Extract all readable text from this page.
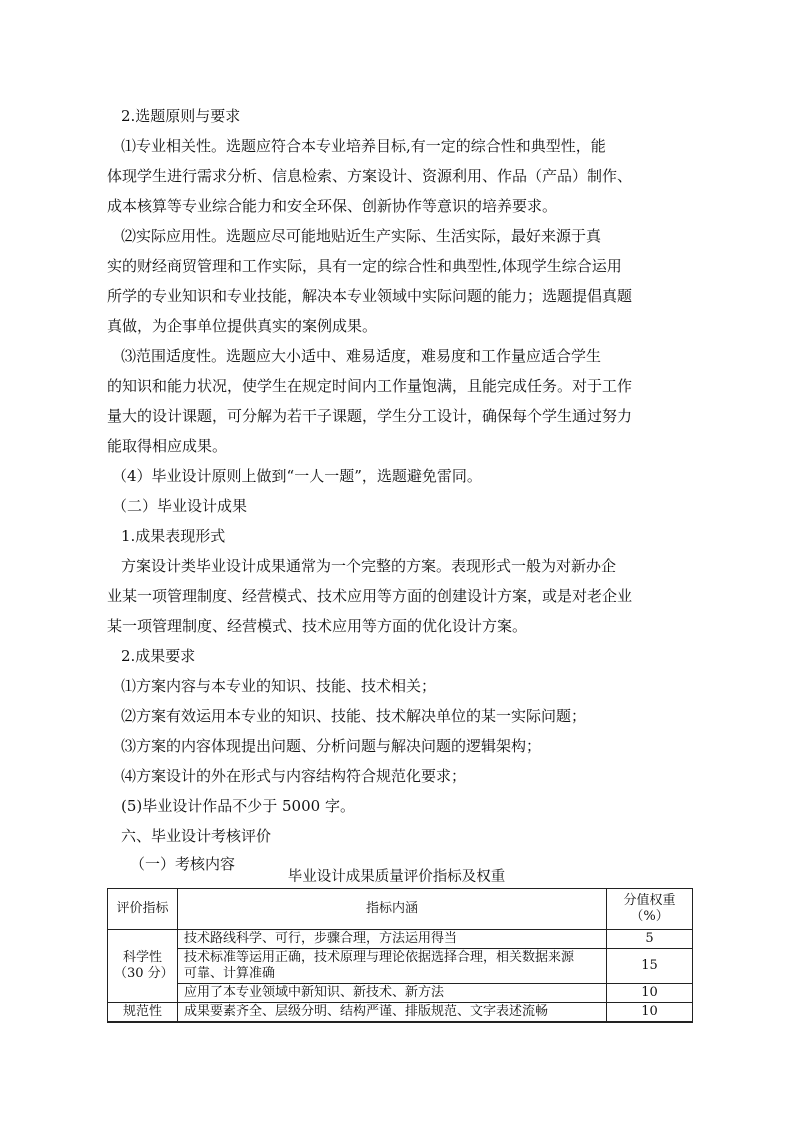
2.选题原则与要求

⑴专业相关性。选题应符合本专业培养目标,有一定的综合性和典型性，能

体现学生进行需求分析、信息检索、方案设计、资源利用、作品（产品）制作、

成本核算等专业综合能力和安全环保、创新协作等意识的培养要求。

⑵实际应用性。选题应尽可能地贴近生产实际、生活实际，最好来源于真

实的财经商贸管理和工作实际，具有一定的综合性和典型性,体现学生综合运用

所学的专业知识和专业技能，解决本专业领域中实际问题的能力；选题提倡真题

真做，为企事单位提供真实的案例成果。

⑶范围适度性。选题应大小适中、难易适度，难易度和工作量应适合学生

的知识和能力状况，使学生在规定时间内工作量饱满，且能完成任务。对于工作

量大的设计课题，可分解为若干子课题，学生分工设计，确保每个学生通过努力

能取得相应成果。

（4）毕业设计原则上做到“一人一题”，选题避免雷同。

（二）毕业设计成果

1.成果表现形式

方案设计类毕业设计成果通常为一个完整的方案。表现形式一般为对新办企

业某一项管理制度、经营模式、技术应用等方面的创建设计方案，或是对老企业

某一项管理制度、经营模式、技术应用等方面的优化设计方案。

2.成果要求

⑴方案内容与本专业的知识、技能、技术相关；

⑵方案有效运用本专业的知识、技能、技术解决单位的某一实际问题；

⑶方案的内容体现提出问题、分析问题与解决问题的逻辑架构；

⑷方案设计的外在形式与内容结构符合规范化要求；

(5)毕业设计作品不少于 5000 字。

六、毕业设计考核评价

（一）考核内容

毕业设计成果质量评价指标及权重
评价指标	指标内涵	分值权重
（%）

科学性
（30 分）	技术路线科学、可行，步骤合理，方法运用得当	5

	技术标准等运用正确，技术原理与理论依据选择合理，相关数据来源
可靠、计算准确	15
	应用了本专业领域中新知识、新技术、新方法	10
规范性	成果要素齐全、层级分明、结构严谨、排版规范、文字表述流畅	10
